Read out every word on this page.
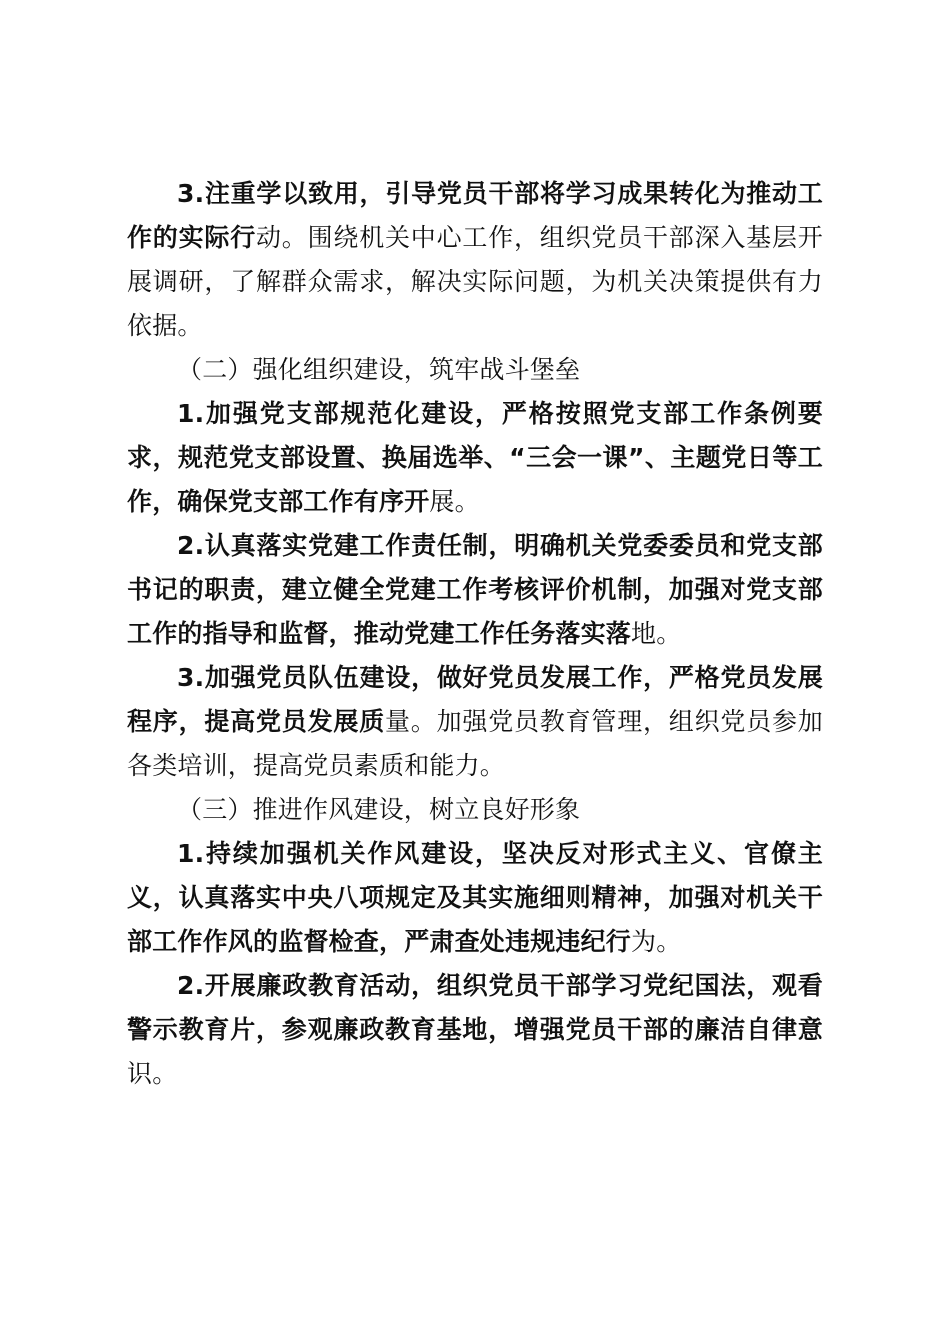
3.注重学以致用，引导党员干部将学习成果转化为推动工作的实际行动。围绕机关中心工作，组织党员干部深入基层开展调研，了解群众需求，解决实际问题，为机关决策提供有力依据。

（二）强化组织建设，筑牢战斗堡垒

1.加强党支部规范化建设，严格按照党支部工作条例要求，规范党支部设置、换届选举、“三会一课”、主题党日等工作，确保党支部工作有序开展。

2.认真落实党建工作责任制，明确机关党委委员和党支部书记的职责，建立健全党建工作考核评价机制，加强对党支部工作的指导和监督，推动党建工作任务落实落地。

3.加强党员队伍建设，做好党员发展工作，严格党员发展程序，提高党员发展质量。加强党员教育管理，组织党员参加各类培训，提高党员素质和能力。

（三）推进作风建设，树立良好形象

1.持续加强机关作风建设，坚决反对形式主义、官僚主义，认真落实中央八项规定及其实施细则精神，加强对机关干部工作作风的监督检查，严肃查处违规违纪行为。

2.开展廉政教育活动，组织党员干部学习党纪国法，观看警示教育片，参观廉政教育基地，增强党员干部的廉洁自律意识。
